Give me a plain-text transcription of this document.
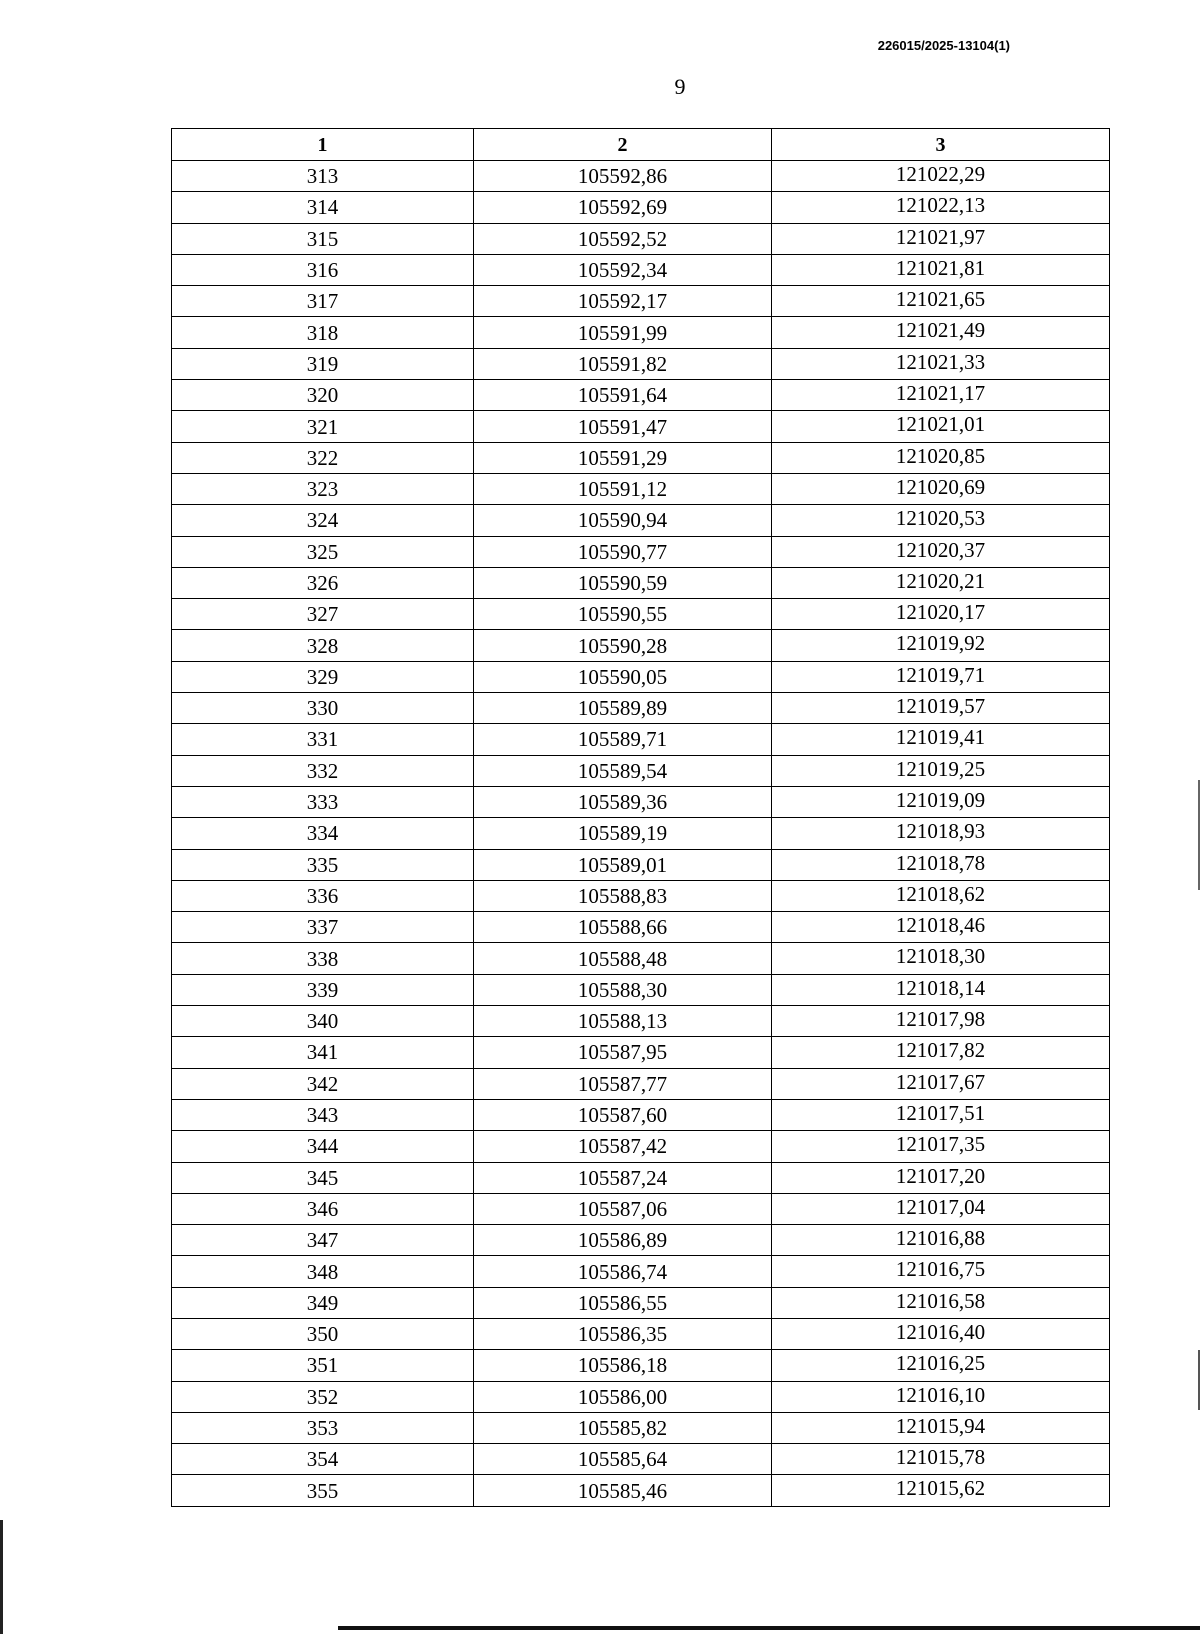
226015/2025-13104(1)
9
1	2	3
313	105592,86	121022,29
314	105592,69	121022,13
315	105592,52	121021,97
316	105592,34	121021,81
317	105592,17	121021,65
318	105591,99	121021,49
319	105591,82	121021,33
320	105591,64	121021,17
321	105591,47	121021,01
322	105591,29	121020,85
323	105591,12	121020,69
324	105590,94	121020,53
325	105590,77	121020,37
326	105590,59	121020,21
327	105590,55	121020,17
328	105590,28	121019,92
329	105590,05	121019,71
330	105589,89	121019,57
331	105589,71	121019,41
332	105589,54	121019,25
333	105589,36	121019,09
334	105589,19	121018,93
335	105589,01	121018,78
336	105588,83	121018,62
337	105588,66	121018,46
338	105588,48	121018,30
339	105588,30	121018,14
340	105588,13	121017,98
341	105587,95	121017,82
342	105587,77	121017,67
343	105587,60	121017,51
344	105587,42	121017,35
345	105587,24	121017,20
346	105587,06	121017,04
347	105586,89	121016,88
348	105586,74	121016,75
349	105586,55	121016,58
350	105586,35	121016,40
351	105586,18	121016,25
352	105586,00	121016,10
353	105585,82	121015,94
354	105585,64	121015,78
355	105585,46	121015,62
